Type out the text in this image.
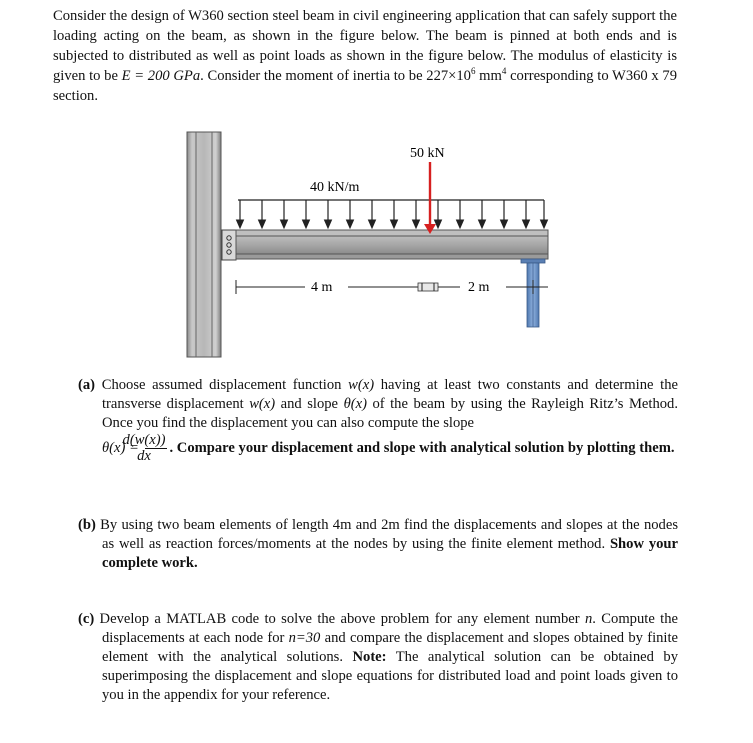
Consider the design of W360 section steel beam in civil engineering application that can safely support the loading acting on the beam, as shown in the figure below. The beam is pinned at both ends and is subjected to distributed as well as point loads as shown in the figure below. The modulus of elasticity is given to be E = 200 GPa. Consider the moment of inertia to be $227\times 10^6$ $mm^4$ corresponding to W360 x 79 section.
40 kN/m
50 kN
4 m	2 m
(a) Choose assumed displacement function w(x) having at least two constants and determine the transverse displacement w(x) and slope θ(x) of the beam by using the Rayleigh Ritz’s Method. Once you find the displacement you can also compute the slope
$\theta(x) = \frac{d(w(x))}{dx}$ . Compare your displacement and slope with analytical solution by plotting them.
(b) By using two beam elements of length 4m and 2m find the displacements and slopes at the nodes as well as reaction forces/moments at the nodes by using the finite element method. Show your complete work.
(c) Develop a MATLAB code to solve the above problem for any element number n. Compute the displacements at each node for n=30 and compare the displacement and slopes obtained by finite element with the analytical solutions. Note: The analytical solution can be obtained by superimposing the displacement and slope equations for distributed load and point loads given to you in the appendix for your reference.
